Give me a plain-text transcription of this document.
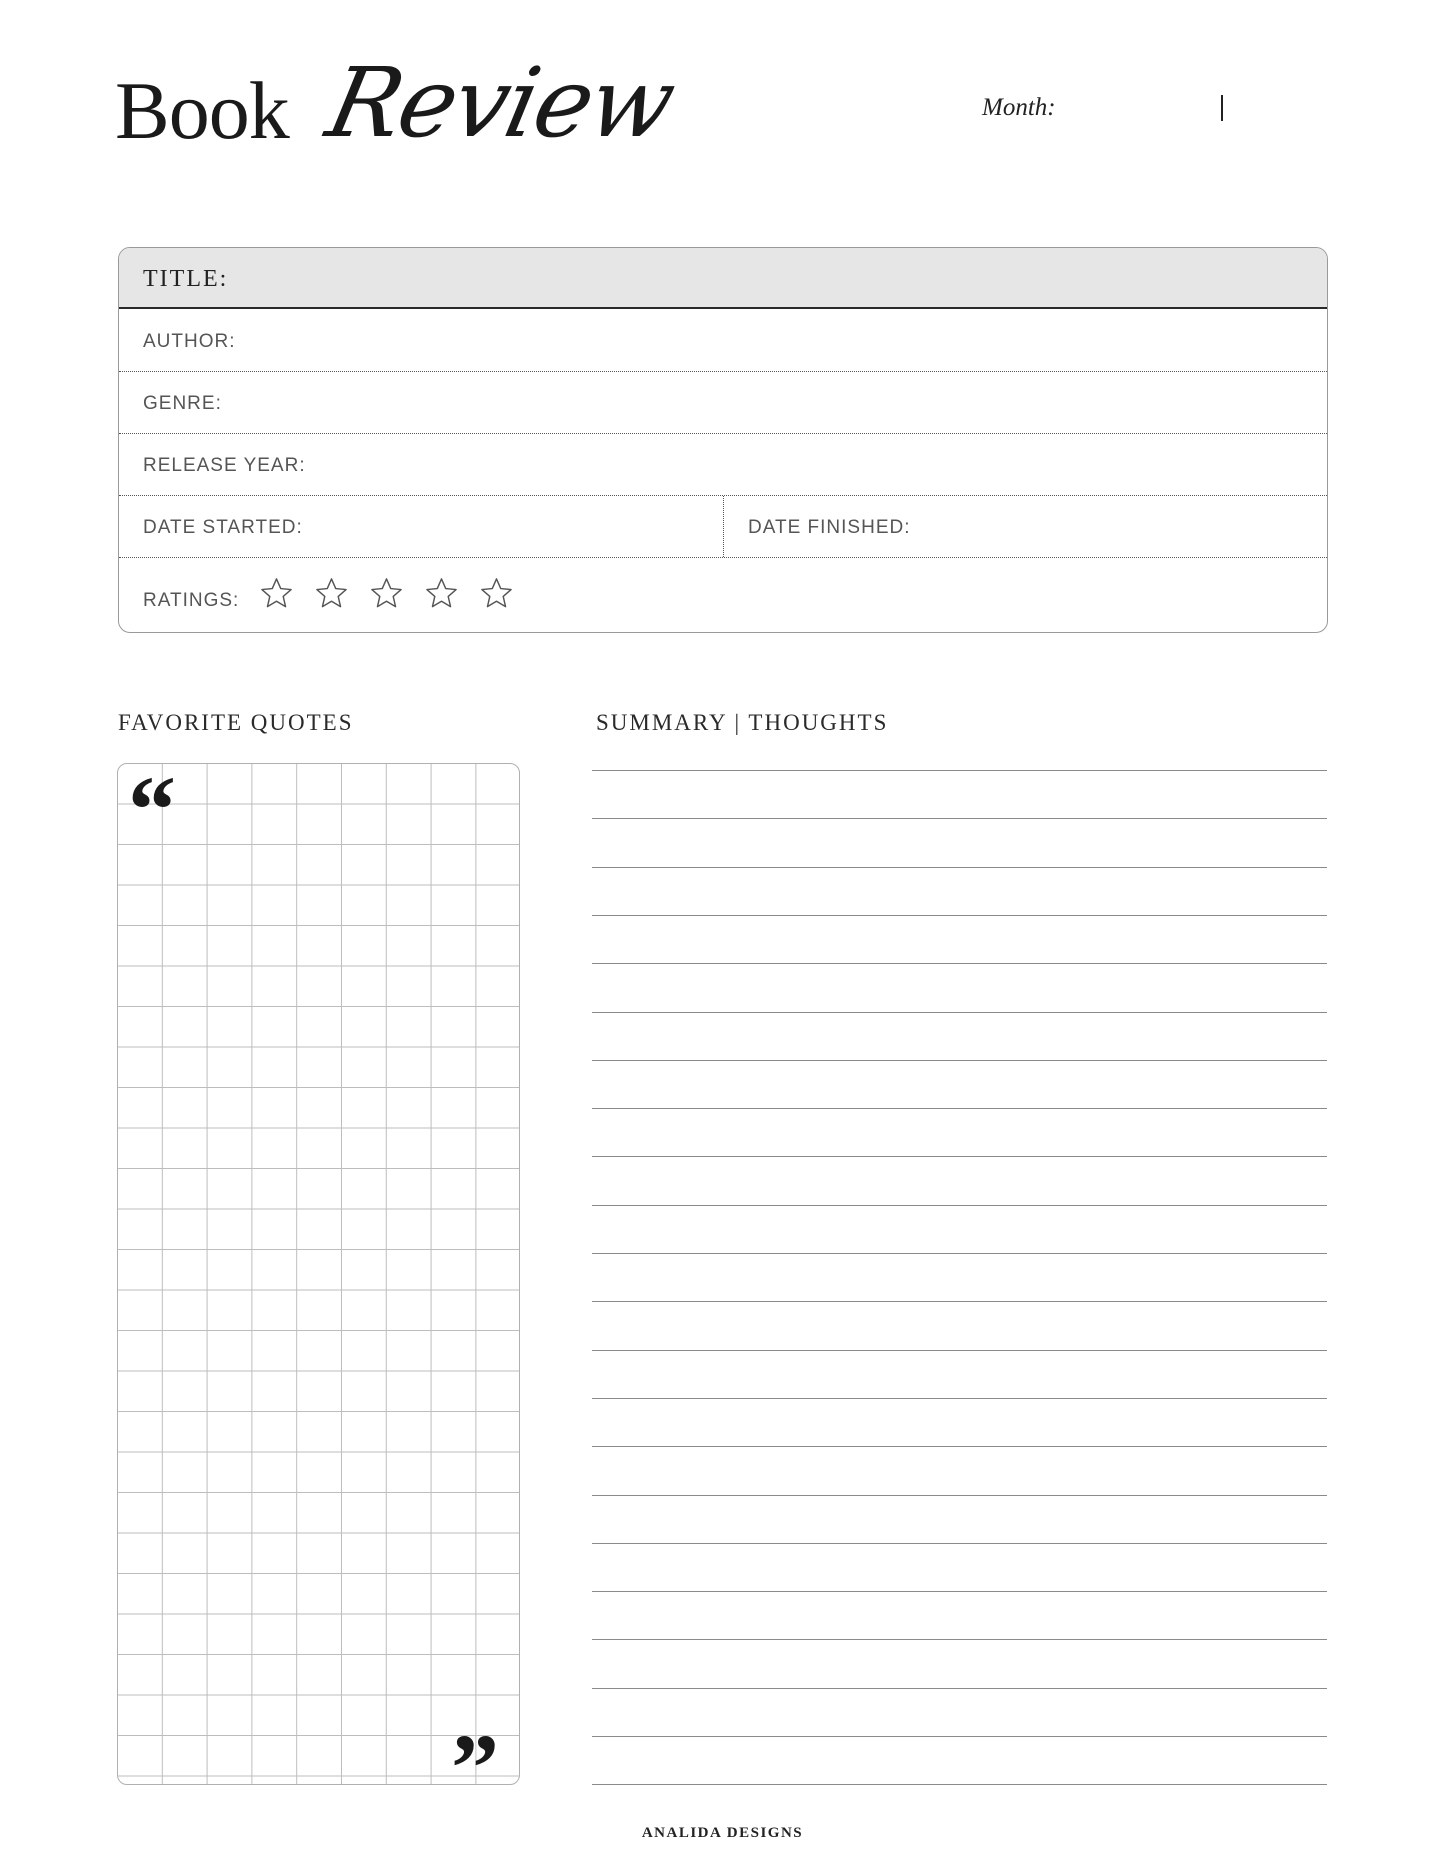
Book Review	Month:
TITLE:
AUTHOR:
GENRE:
RELEASE YEAR:
DATE STARTED:	DATE FINISHED:
RATINGS:
FAVORITE QUOTES	SUMMARY | THOUGHTS
“
”
ANALIDA DESIGNS
